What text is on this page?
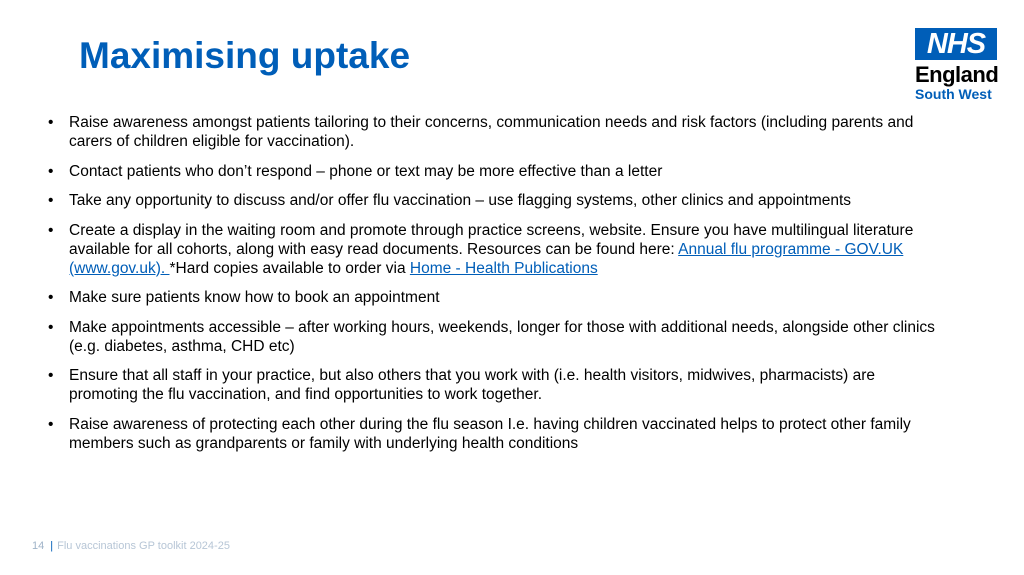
Maximising uptake	NHS
England
South West
• Raise awareness amongst patients tailoring to their concerns, communication needs and risk factors (including parents and carers of children eligible for vaccination).
• Contact patients who don’t respond – phone or text may be more effective than a letter
• Take any opportunity to discuss and/or offer flu vaccination – use flagging systems, other clinics and appointments
• Create a display in the waiting room and promote through practice screens, website. Ensure you have multilingual literature available for all cohorts, along with easy read documents. Resources can be found here: Annual flu programme - GOV.UK (www.gov.uk). *Hard copies available to order via Home - Health Publications
• Make sure patients know how to book an appointment
• Make appointments accessible – after working hours, weekends, longer for those with additional needs, alongside other clinics (e.g. diabetes, asthma, CHD etc)
• Ensure that all staff in your practice, but also others that you work with (i.e. health visitors, midwives, pharmacists) are promoting the flu vaccination, and find opportunities to work together.
• Raise awareness of protecting each other during the flu season I.e. having children vaccinated helps to protect other family members such as grandparents or family with underlying health conditions
14 | Flu vaccinations GP toolkit 2024-25
